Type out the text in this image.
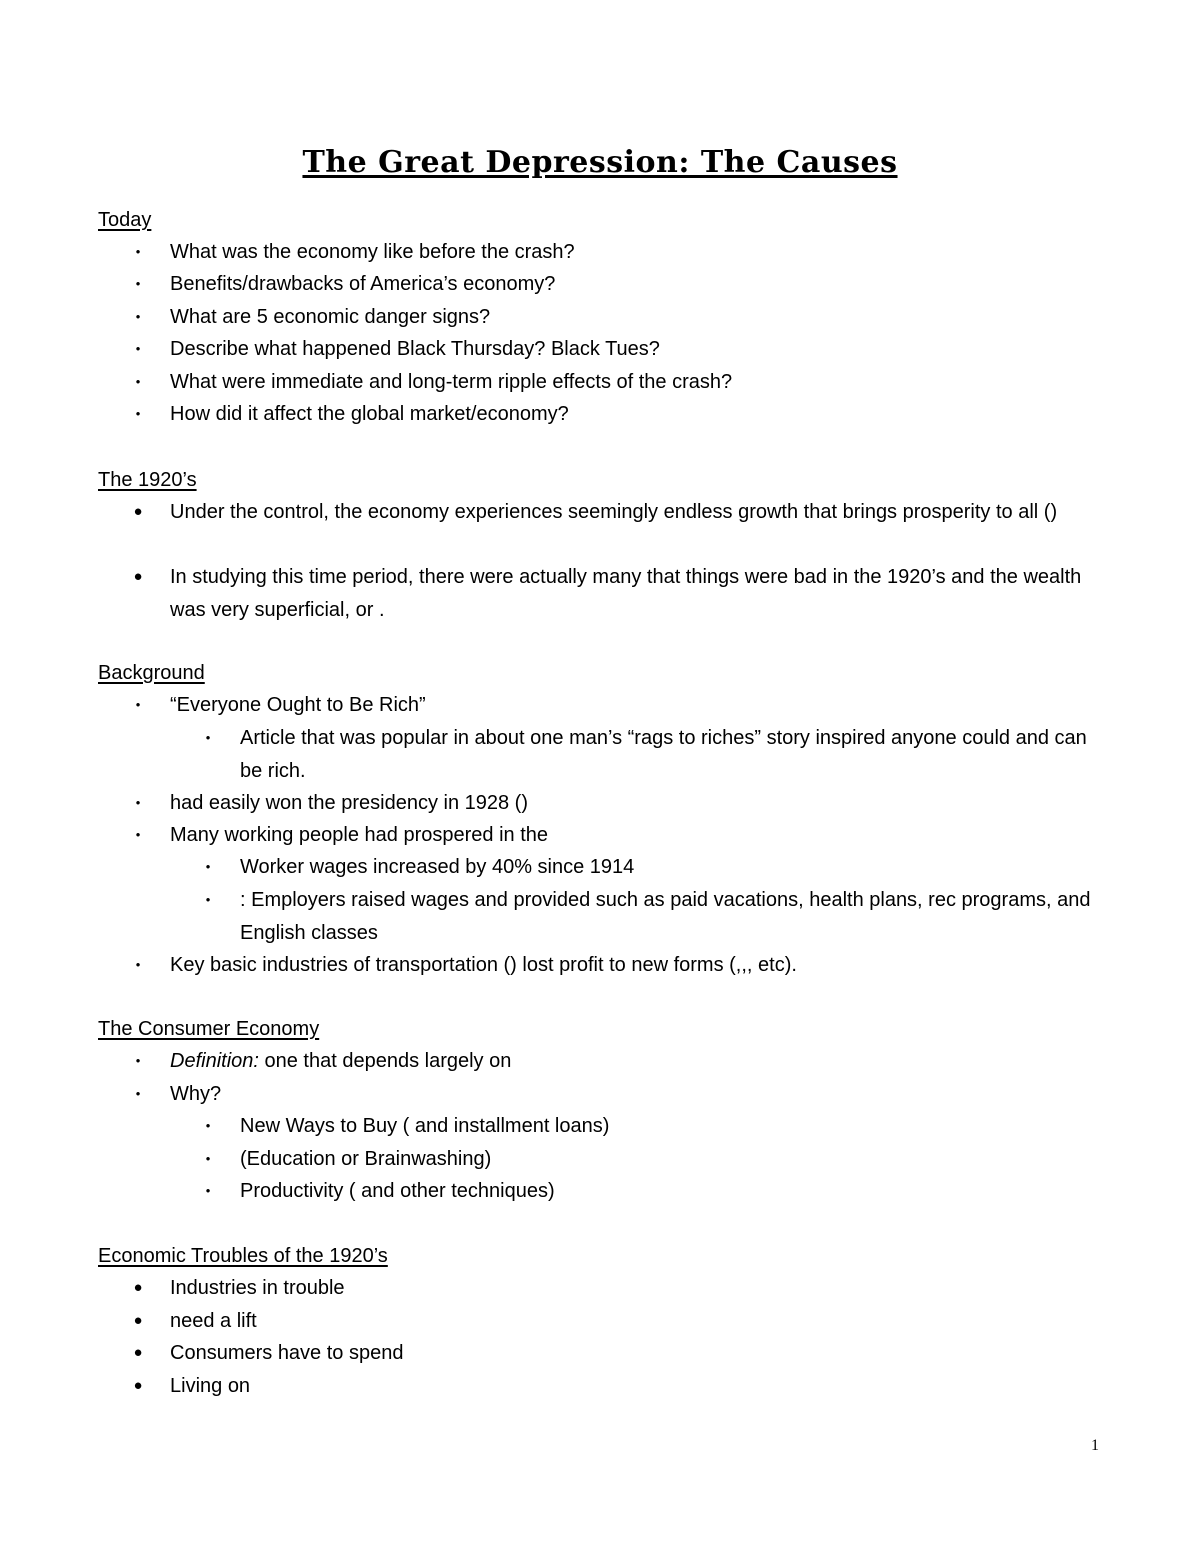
The Great Depression: The Causes
Today
• What was the economy like before the crash?
• Benefits/drawbacks of America’s economy?
• What are 5 economic danger signs?
• Describe what happened Black Thursday? Black Tues?
• What were immediate and long-term ripple effects of the crash?
• How did it affect the global market/economy?
The 1920’s
● Under the control, the economy experiences seemingly endless growth that brings prosperity to all ()
● In studying this time period, there were actually many that things were bad in the 1920’s and the wealth was very superficial, or .
Background
• “Everyone Ought to Be Rich”
• Article that was popular in about one man’s “rags to riches” story inspired anyone could and can be rich.
• had easily won the presidency in 1928 ()
• Many working people had prospered in the
• Worker wages increased by 40% since 1914
• : Employers raised wages and provided such as paid vacations, health plans, rec programs, and English classes
• Key basic industries of transportation () lost profit to new forms (,,, etc).
The Consumer Economy
• Definition: one that depends largely on
• Why?
• New Ways to Buy ( and installment loans)
• (Education or Brainwashing)
• Productivity ( and other techniques)
Economic Troubles of the 1920’s
● Industries in trouble
● need a lift
● Consumers have to spend
● Living on
1
